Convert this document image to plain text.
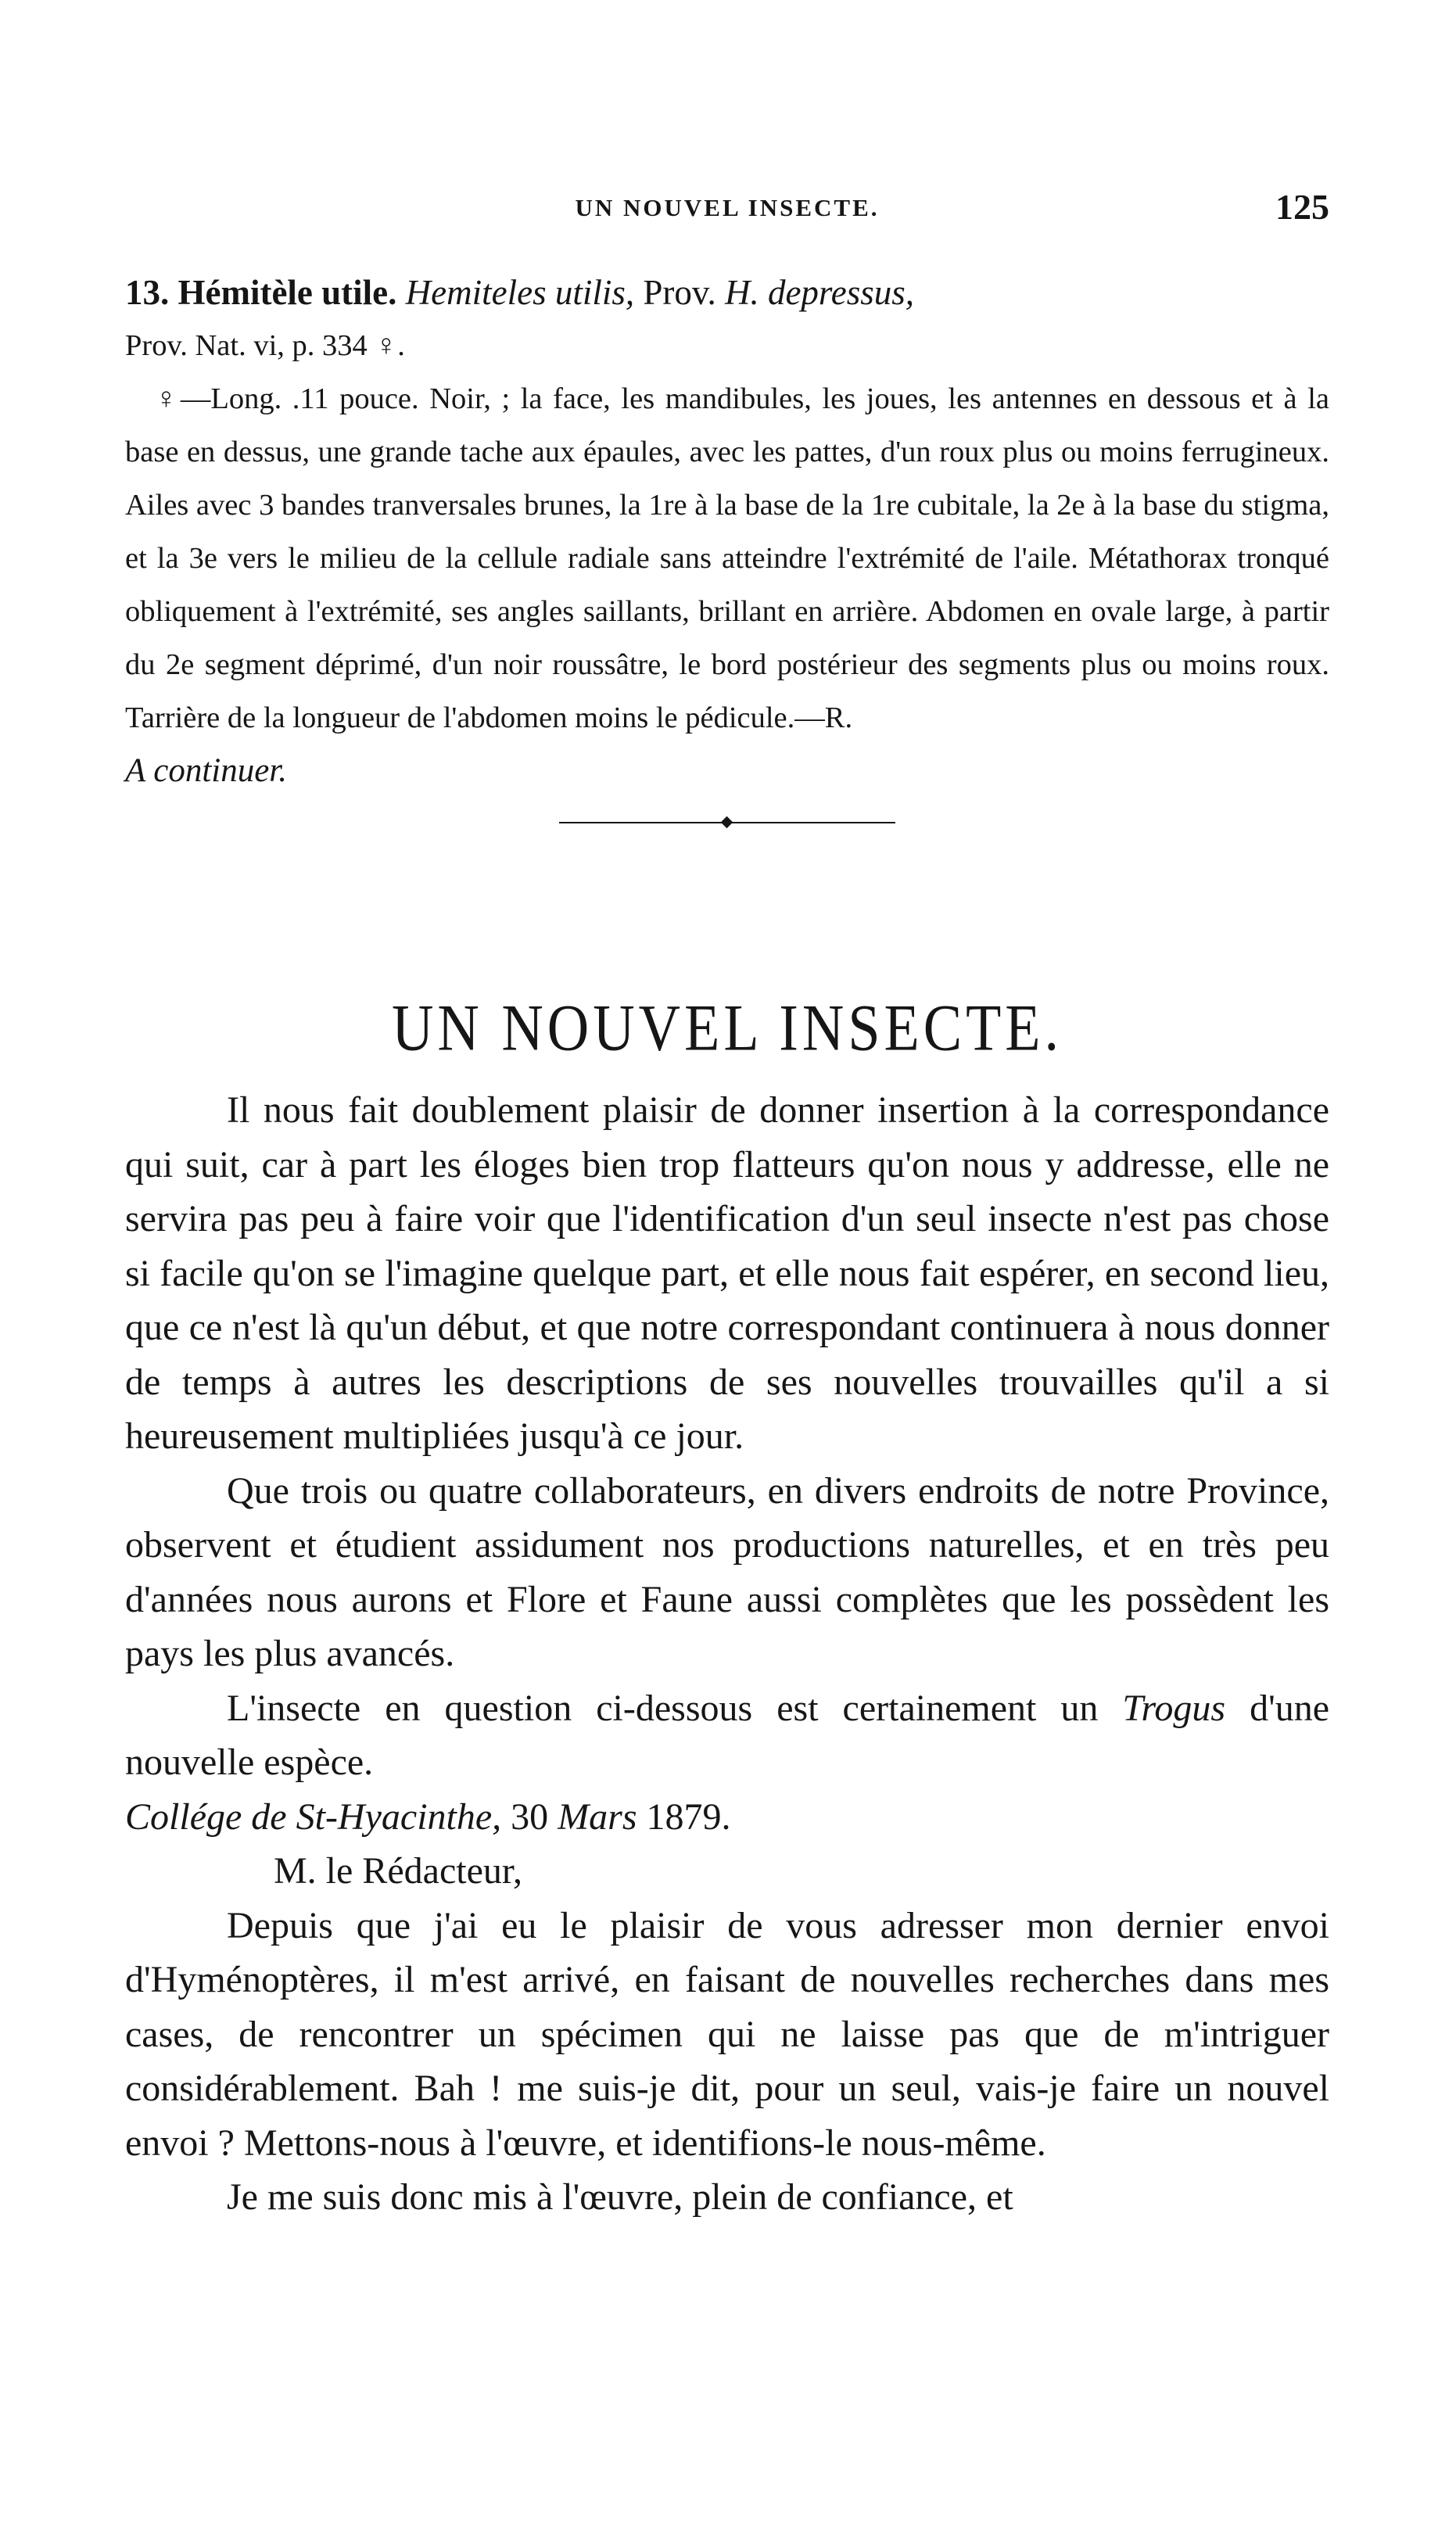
UN NOUVEL INSECTE.	125

13. Hémitèle utile. Hemiteles utilis, Prov. H. depressus,

Prov. Nat. vi, p. 334 ♀.

♀—Long. .11 pouce. Noir, ; la face, les mandibules, les joues, les antennes en dessous et à la base en dessus, une grande tache aux épaules, avec les pattes, d'un roux plus ou moins ferrugineux. Ailes avec 3 bandes tranversales brunes, la 1re à la base de la 1re cubitale, la 2e à la base du stigma, et la 3e vers le milieu de la cellule radiale sans atteindre l'extrémité de l'aile. Métathorax tronqué obliquement à l'extrémité, ses angles saillants, brillant en arrière. Abdomen en ovale large, à partir du 2e segment déprimé, d'un noir roussâtre, le bord postérieur des segments plus ou moins roux. Tarrière de la longueur de l'abdomen moins le pédicule.—R.

A continuer.

UN NOUVEL INSECTE.

Il nous fait doublement plaisir de donner insertion à la correspondance qui suit, car à part les éloges bien trop flatteurs qu'on nous y addresse, elle ne servira pas peu à faire voir que l'identification d'un seul insecte n'est pas chose si facile qu'on se l'imagine quelque part, et elle nous fait espérer, en second lieu, que ce n'est là qu'un début, et que notre correspondant continuera à nous donner de temps à autres les descriptions de ses nouvelles trouvailles qu'il a si heureusement multipliées jusqu'à ce jour.

Que trois ou quatre collaborateurs, en divers endroits de notre Province, observent et étudient assidument nos productions naturelles, et en très peu d'années nous aurons et Flore et Faune aussi complètes que les possèdent les pays les plus avancés.

L'insecte en question ci-dessous est certainement un Trogus d'une nouvelle espèce.

Collége de St-Hyacinthe, 30 Mars 1879.

M. le Rédacteur,

Depuis que j'ai eu le plaisir de vous adresser mon dernier envoi d'Hyménoptères, il m'est arrivé, en faisant de nouvelles recherches dans mes cases, de rencontrer un spécimen qui ne laisse pas que de m'intriguer considérablement. Bah ! me suis-je dit, pour un seul, vais-je faire un nouvel envoi ? Mettons-nous à l'œuvre, et identifions-le nous-même.

Je me suis donc mis à l'œuvre, plein de confiance, et
